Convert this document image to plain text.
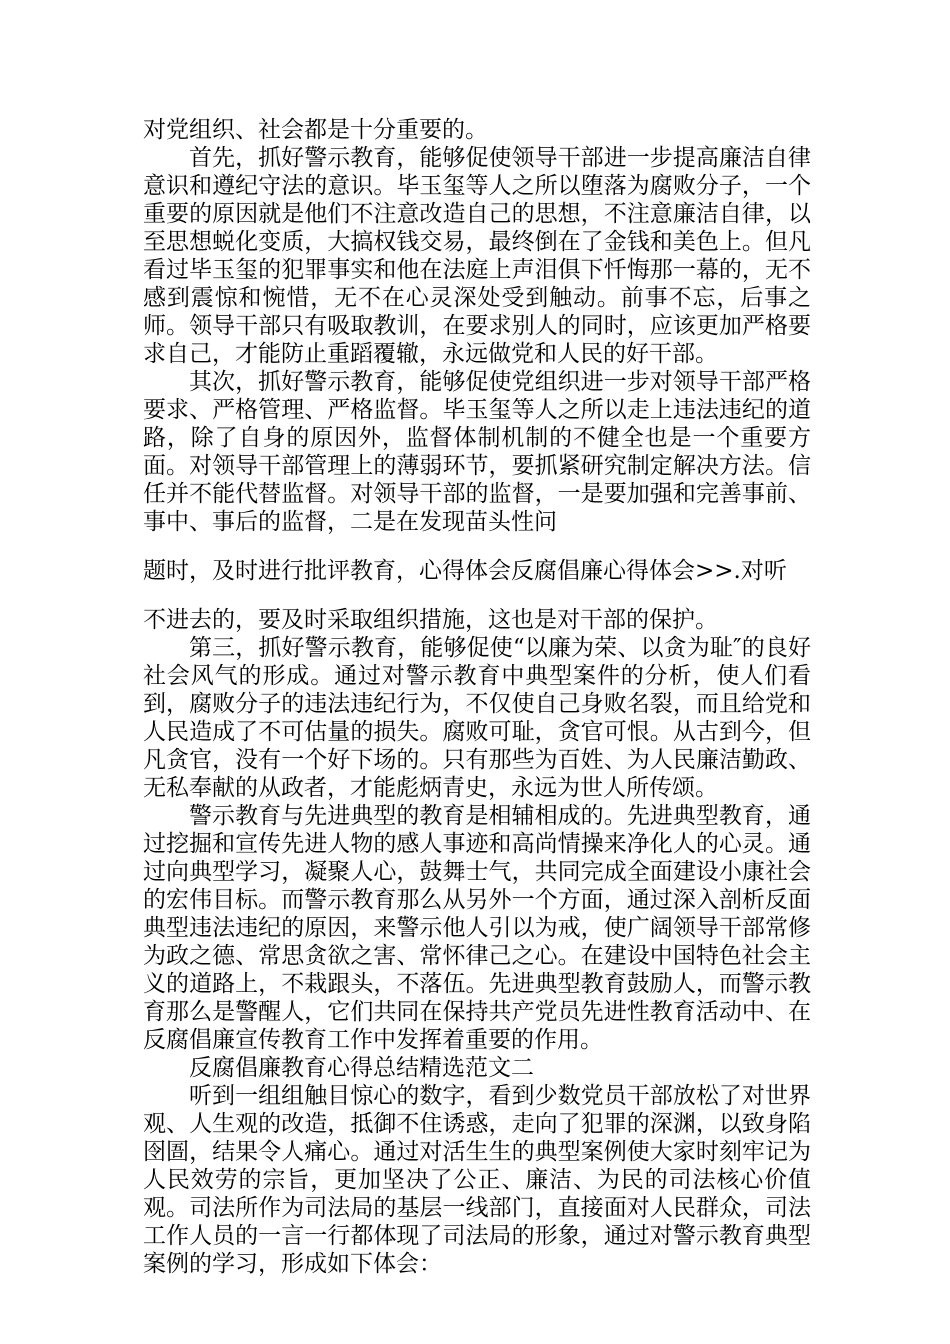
对党组织、社会都是十分重要的。

首先，抓好警示教育，能够促使领导干部进一步提高廉洁自律意识和遵纪守法的意识。毕玉玺等人之所以堕落为腐败分子，一个重要的原因就是他们不注意改造自己的思想，不注意廉洁自律，以至思想蜕化变质，大搞权钱交易，最终倒在了金钱和美色上。但凡看过毕玉玺的犯罪事实和他在法庭上声泪俱下忏悔那一幕的，无不感到震惊和惋惜，无不在心灵深处受到触动。前事不忘，后事之师。领导干部只有吸取教训，在要求别人的同时，应该更加严格要求自己，才能防止重蹈覆辙，永远做党和人民的好干部。

其次，抓好警示教育，能够促使党组织进一步对领导干部严格要求、严格管理、严格监督。毕玉玺等人之所以走上违法违纪的道路，除了自身的原因外，监督体制机制的不健全也是一个重要方面。对领导干部管理上的薄弱环节，要抓紧研究制定解决方法。信任并不能代替监督。对领导干部的监督，一是要加强和完善事前、事中、事后的监督，二是在发现苗头性问

题时，及时进行批评教育，心得体会反腐倡廉心得体会>>.对听

不进去的，要及时采取组织措施，这也是对干部的保护。

第三，抓好警示教育，能够促使“以廉为荣、以贪为耻″的良好社会风气的形成。通过对警示教育中典型案件的分析，使人们看到，腐败分子的违法违纪行为，不仅使自己身败名裂，而且给党和人民造成了不可估量的损失。腐败可耻，贪官可恨。从古到今，但凡贪官，没有一个好下场的。只有那些为百姓、为人民廉洁勤政、无私奉献的从政者，才能彪炳青史，永远为世人所传颂。

警示教育与先进典型的教育是相辅相成的。先进典型教育，通过挖掘和宣传先进人物的感人事迹和高尚情操来净化人的心灵。通过向典型学习，凝聚人心，鼓舞士气，共同完成全面建设小康社会的宏伟目标。而警示教育那么从另外一个方面，通过深入剖析反面典型违法违纪的原因，来警示他人引以为戒，使广阔领导干部常修为政之德、常思贪欲之害、常怀律己之心。在建设中国特色社会主义的道路上，不栽跟头，不落伍。先进典型教育鼓励人，而警示教育那么是警醒人，它们共同在保持共产党员先进性教育活动中、在反腐倡廉宣传教育工作中发挥着重要的作用。

反腐倡廉教育心得总结精选范文二

听到一组组触目惊心的数字，看到少数党员干部放松了对世界观、人生观的改造，抵御不住诱惑，走向了犯罪的深渊，以致身陷囹圄，结果令人痛心。通过对活生生的典型案例使大家时刻牢记为人民效劳的宗旨，更加坚决了公正、廉洁、为民的司法核心价值观。司法所作为司法局的基层一线部门，直接面对人民群众，司法工作人员的一言一行都体现了司法局的形象，通过对警示教育典型案例的学习，形成如下体会：
